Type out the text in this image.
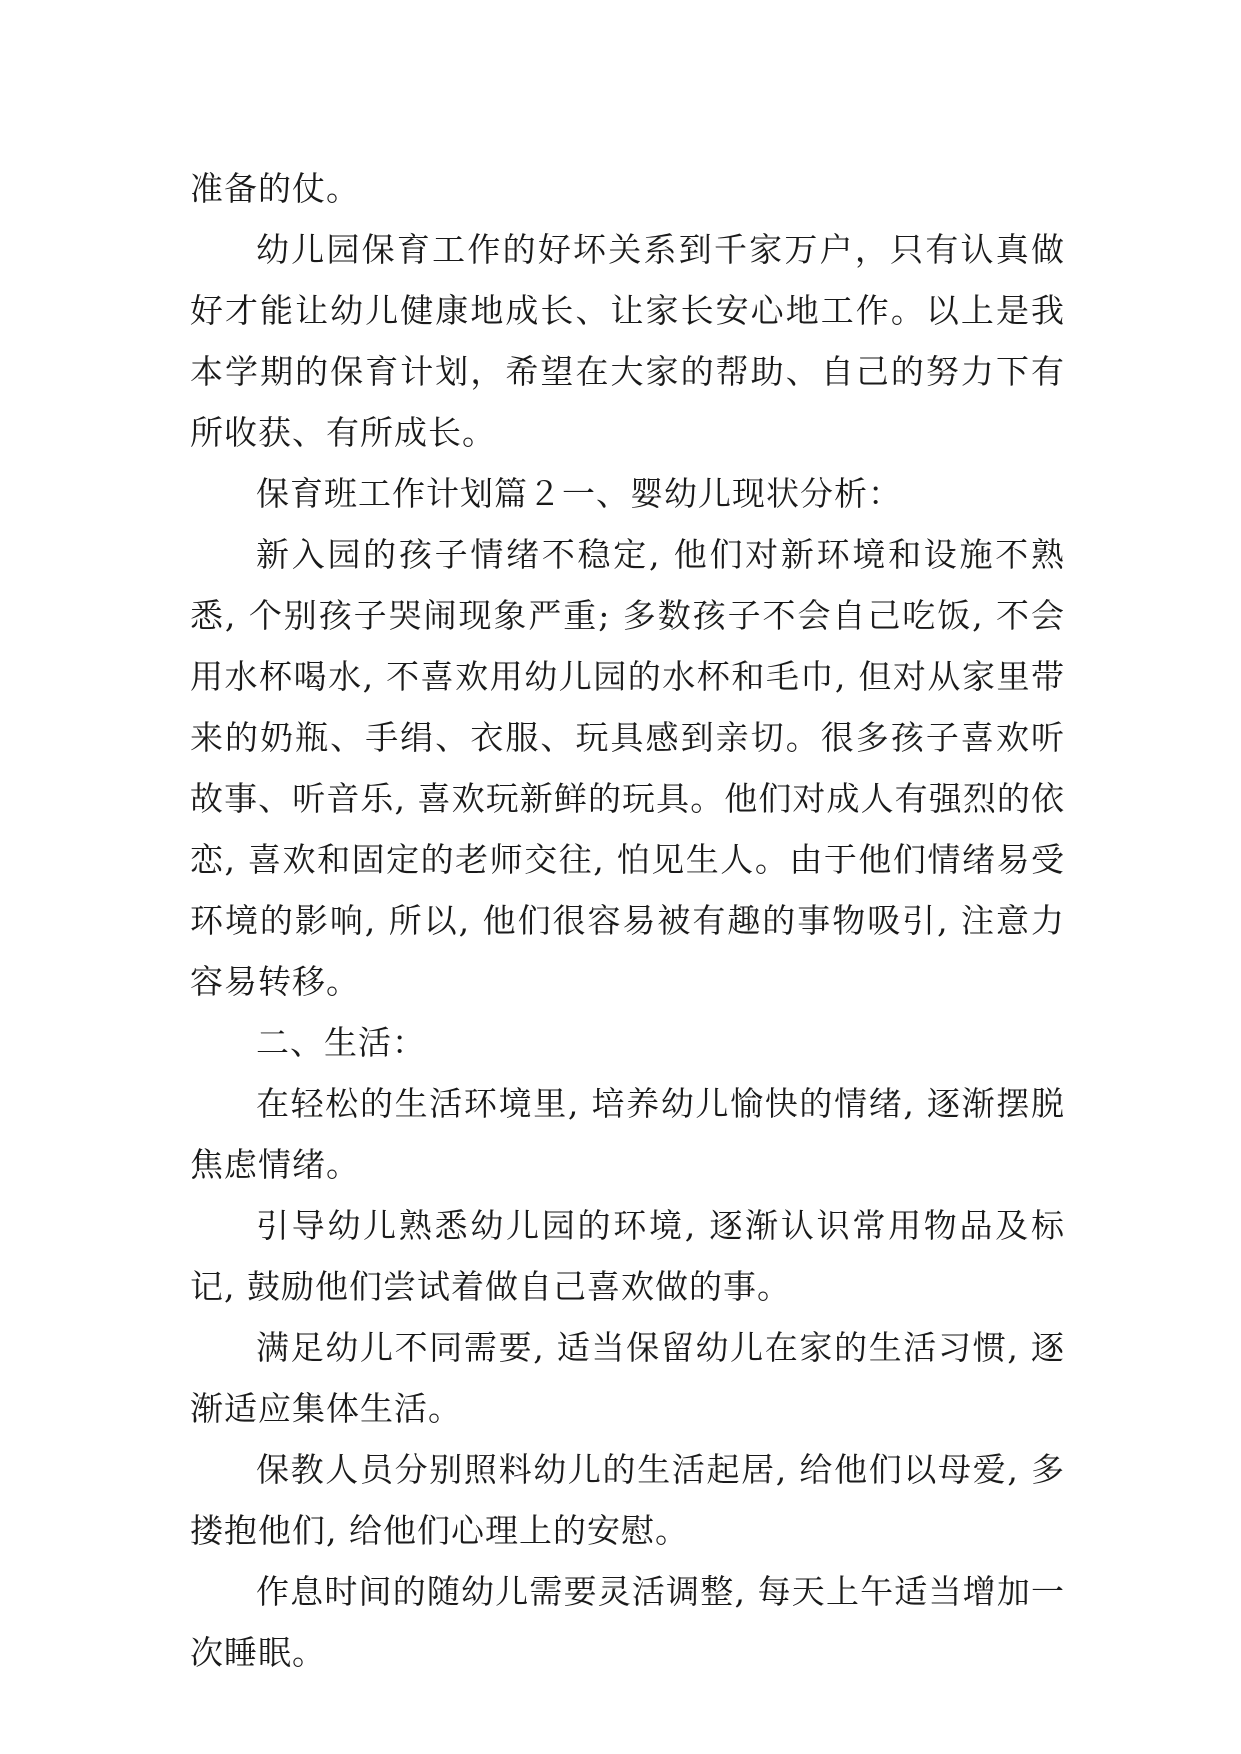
准备的仗。

幼儿园保育工作的好坏关系到千家万户，只有认真做好才能让幼儿健康地成长、让家长安心地工作。以上是我本学期的保育计划，希望在大家的帮助、自己的努力下有所收获、有所成长。

保育班工作计划篇２一、婴幼儿现状分析：

新入园的孩子情绪不稳定, 他们对新环境和设施不熟悉, 个别孩子哭闹现象严重; 多数孩子不会自己吃饭, 不会用水杯喝水, 不喜欢用幼儿园的水杯和毛巾, 但对从家里带来的奶瓶、手绢、衣服、玩具感到亲切。很多孩子喜欢听故事、听音乐, 喜欢玩新鲜的玩具。他们对成人有强烈的依恋, 喜欢和固定的老师交往, 怕见生人。由于他们情绪易受环境的影响, 所以, 他们很容易被有趣的事物吸引, 注意力容易转移。

二、生活：

在轻松的生活环境里, 培养幼儿愉快的情绪, 逐渐摆脱焦虑情绪。

引导幼儿熟悉幼儿园的环境, 逐渐认识常用物品及标记, 鼓励他们尝试着做自己喜欢做的事。

满足幼儿不同需要, 适当保留幼儿在家的生活习惯, 逐渐适应集体生活。

保教人员分别照料幼儿的生活起居, 给他们以母爱, 多搂抱他们, 给他们心理上的安慰。

作息时间的随幼儿需要灵活调整, 每天上午适当增加一次睡眠。
